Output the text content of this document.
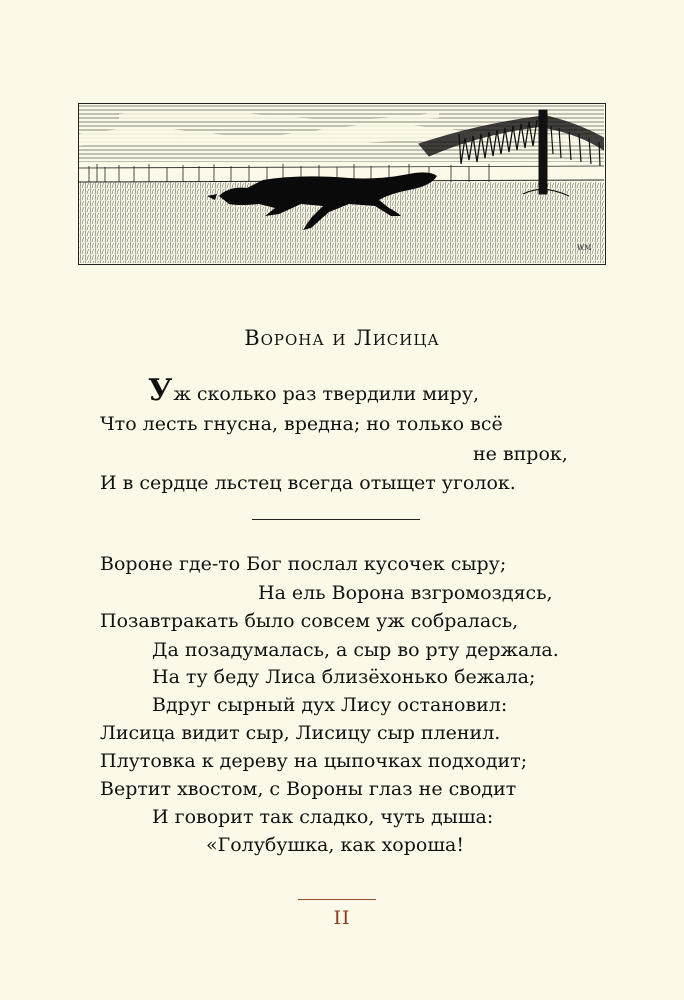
WM
Ворона и Лисица
Уж сколько раз твердили миру,
Что лесть гнусна, вредна; но только всё
не впрок,
И в сердце льстец всегда отыщет уголок.
Вороне где-то Бог послал кусочек сыру;
На ель Ворона взгромоздясь,
Позавтракать было совсем уж собралась,
Да позадумалась, а сыр во рту держала.
На ту беду Лиса близёхонько бежала;
Вдруг сырный дух Лису остановил:
Лисица видит сыр, Лисицу сыр пленил.
Плутовка к дереву на цыпочках подходит;
Вертит хвостом, с Вороны глаз не сводит
И говорит так сладко, чуть дыша:
«Голубушка, как хороша!
II
